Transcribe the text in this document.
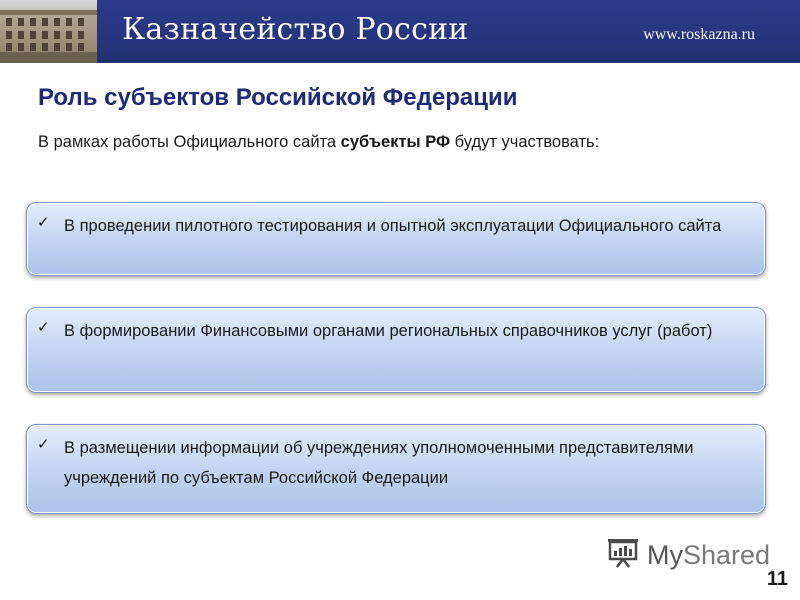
Казначейство России	www.roskazna.ru
Роль субъектов Российской Федерации
В рамках работы Официального сайта субъекты РФ будут участвовать:
✓ В проведении пилотного тестирования и опытной эксплуатации Официального сайта
✓ В формировании Финансовыми органами региональных справочников услуг (работ)
✓ В размещении информации об учреждениях уполномоченными представителями учреждений по субъектам Российской Федерации
MyShared
11
